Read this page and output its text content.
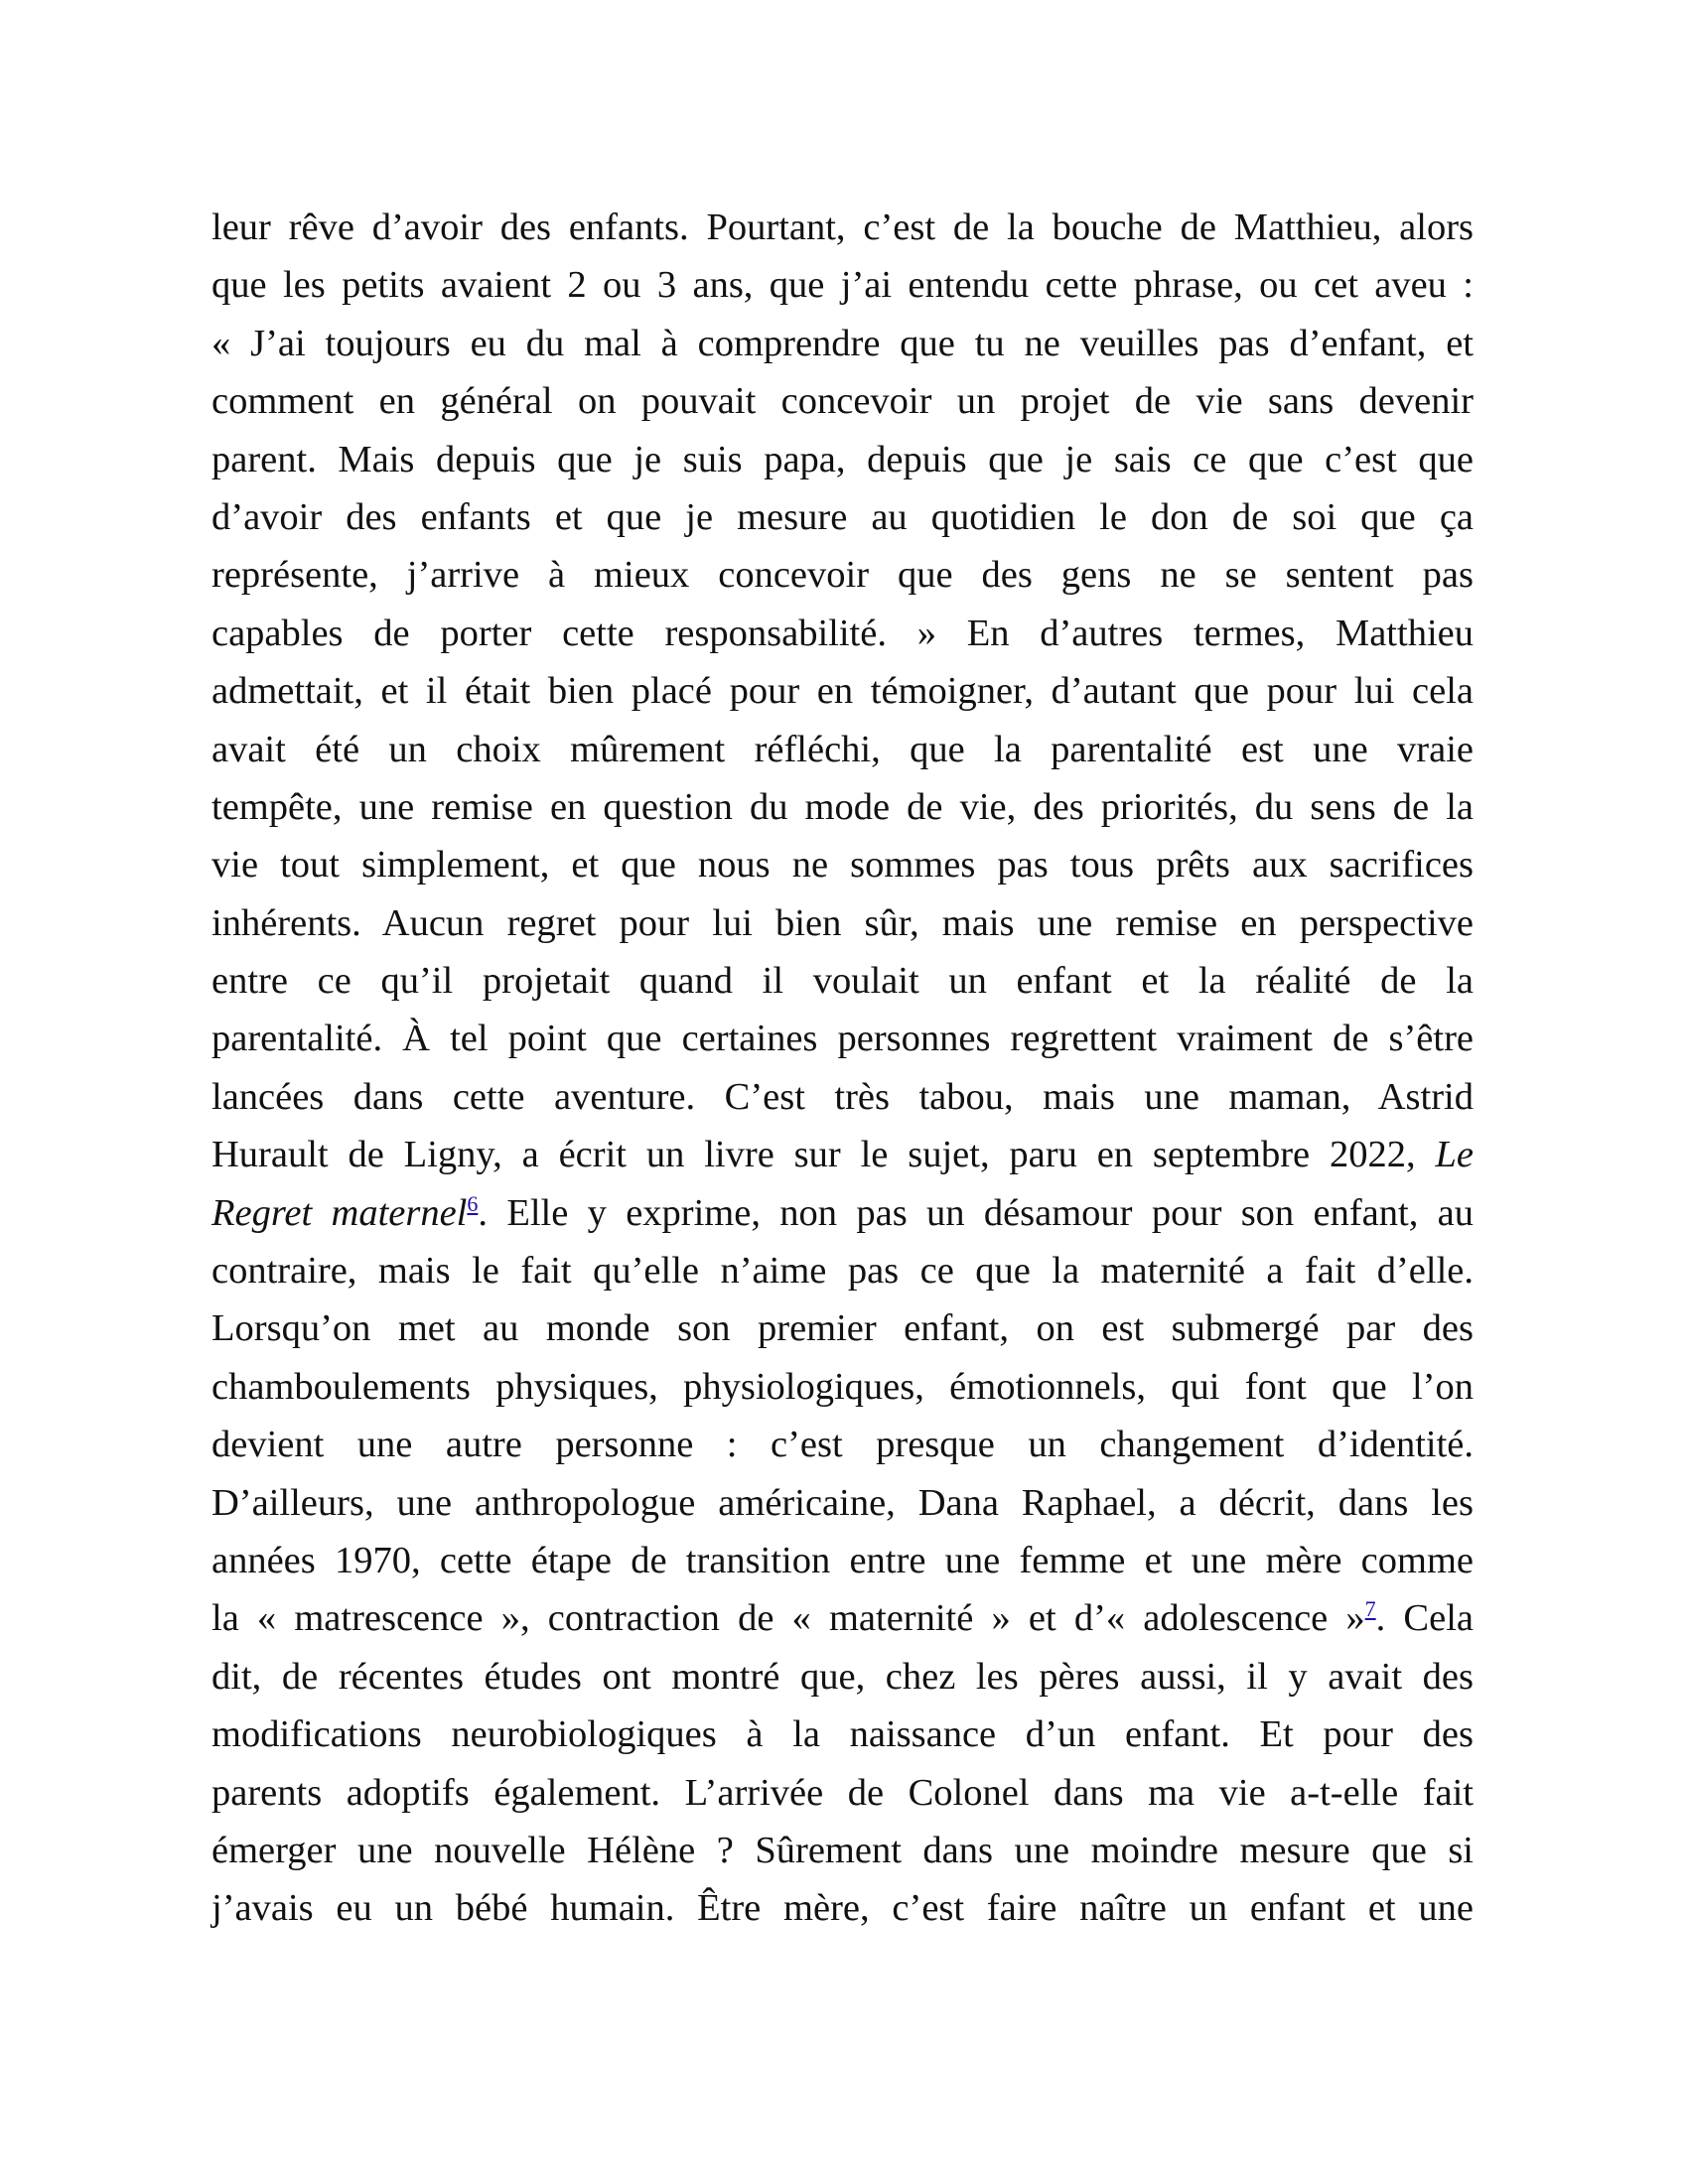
leur rêve d’avoir des enfants. Pourtant, c’est de la bouche de Matthieu, alors
que les petits avaient 2 ou 3 ans, que j’ai entendu cette phrase, ou cet aveu :
« J’ai toujours eu du mal à comprendre que tu ne veuilles pas d’enfant, et
comment en général on pouvait concevoir un projet de vie sans devenir
parent. Mais depuis que je suis papa, depuis que je sais ce que c’est que
d’avoir des enfants et que je mesure au quotidien le don de soi que ça
représente, j’arrive à mieux concevoir que des gens ne se sentent pas
capables de porter cette responsabilité. » En d’autres termes, Matthieu
admettait, et il était bien placé pour en témoigner, d’autant que pour lui cela
avait été un choix mûrement réfléchi, que la parentalité est une vraie
tempête, une remise en question du mode de vie, des priorités, du sens de la
vie tout simplement, et que nous ne sommes pas tous prêts aux sacrifices
inhérents. Aucun regret pour lui bien sûr, mais une remise en perspective
entre ce qu’il projetait quand il voulait un enfant et la réalité de la
parentalité. À tel point que certaines personnes regrettent vraiment de s’être
lancées dans cette aventure. C’est très tabou, mais une maman, Astrid
Hurault de Ligny, a écrit un livre sur le sujet, paru en septembre 2022, Le
Regret maternel$^6$. Elle y exprime, non pas un désamour pour son enfant, au
contraire, mais le fait qu’elle n’aime pas ce que la maternité a fait d’elle.
Lorsqu’on met au monde son premier enfant, on est submergé par des
chamboulements physiques, physiologiques, émotionnels, qui font que l’on
devient une autre personne : c’est presque un changement d’identité.
D’ailleurs, une anthropologue américaine, Dana Raphael, a décrit, dans les
années 1970, cette étape de transition entre une femme et une mère comme
la « matrescence », contraction de « maternité » et d’« adolescence »$^7$. Cela
dit, de récentes études ont montré que, chez les pères aussi, il y avait des
modifications neurobiologiques à la naissance d’un enfant. Et pour des
parents adoptifs également. L’arrivée de Colonel dans ma vie a-t-elle fait
émerger une nouvelle Hélène ? Sûrement dans une moindre mesure que si
j’avais eu un bébé humain. Être mère, c’est faire naître un enfant et une
